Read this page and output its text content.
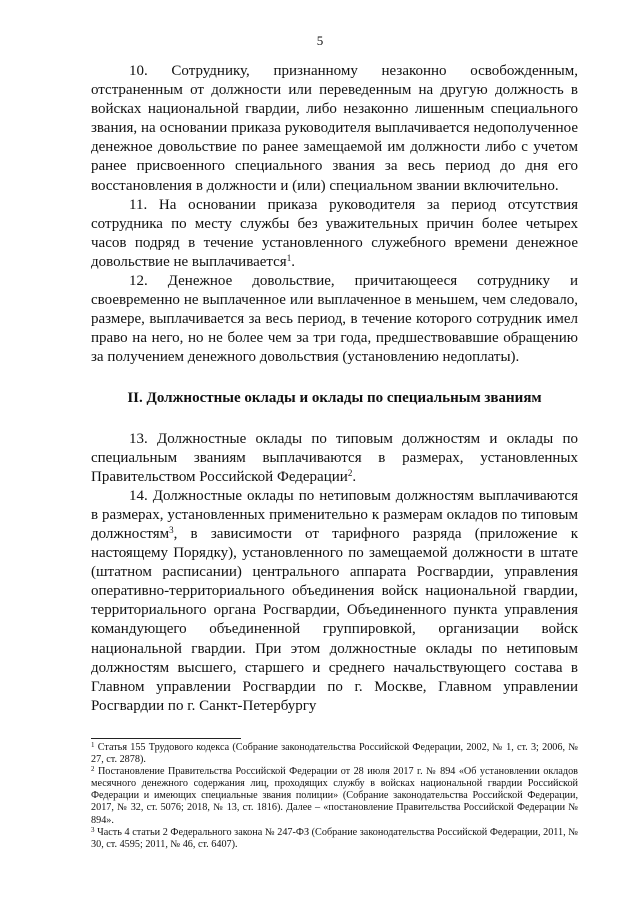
5

10. Сотруднику, признанному незаконно освобожденным, отстраненным от должности или переведенным на другую должность в войсках национальной гвардии, либо незаконно лишенным специального звания, на основании приказа руководителя выплачивается недополученное денежное довольствие по ранее замещаемой им должности либо с учетом ранее присвоенного специального звания за весь период до дня его восстановления в должности и (или) специальном звании включительно.

11. На основании приказа руководителя за период отсутствия сотрудника по месту службы без уважительных причин более четырех часов подряд в течение установленного служебного времени денежное довольствие не выплачивается$^1$.

12. Денежное довольствие, причитающееся сотруднику и своевременно не выплаченное или выплаченное в меньшем, чем следовало, размере, выплачивается за весь период, в течение которого сотрудник имел право на него, но не более чем за три года, предшествовавшие обращению за получением денежного довольствия (установлению недоплаты).

II. Должностные оклады и оклады по специальным званиям

13. Должностные оклады по типовым должностям и оклады по специальным званиям выплачиваются в размерах, установленных Правительством Российской Федерации$^2$.

14. Должностные оклады по нетиповым должностям выплачиваются в размерах, установленных применительно к размерам окладов по типовым должностям$^3$, в зависимости от тарифного разряда (приложение к настоящему Порядку), установленного по замещаемой должности в штате (штатном расписании) центрального аппарата Росгвардии, управления оперативно-территориального объединения войск национальной гвардии, территориального органа Росгвардии, Объединенного пункта управления командующего объединенной группировкой, организации войск национальной гвардии. При этом должностные оклады по нетиповым должностям высшего, старшего и среднего начальствующего состава в Главном управлении Росгвардии по г. Москве, Главном управлении Росгвардии по г. Санкт-Петербургу

$^1$ Статья 155 Трудового кодекса (Собрание законодательства Российской Федерации, 2002, № 1, ст. 3; 2006, № 27, ст. 2878).

$^2$ Постановление Правительства Российской Федерации от 28 июля 2017 г. № 894 «Об установлении окладов месячного денежного содержания лиц, проходящих службу в войсках национальной гвардии Российской Федерации и имеющих специальные звания полиции» (Собрание законодательства Российской Федерации, 2017, № 32, ст. 5076; 2018, № 13, ст. 1816). Далее – «постановление Правительства Российской Федерации № 894».

$^3$ Часть 4 статьи 2 Федерального закона № 247-ФЗ (Собрание законодательства Российской Федерации, 2011, № 30, ст. 4595; 2011, № 46, ст. 6407).
